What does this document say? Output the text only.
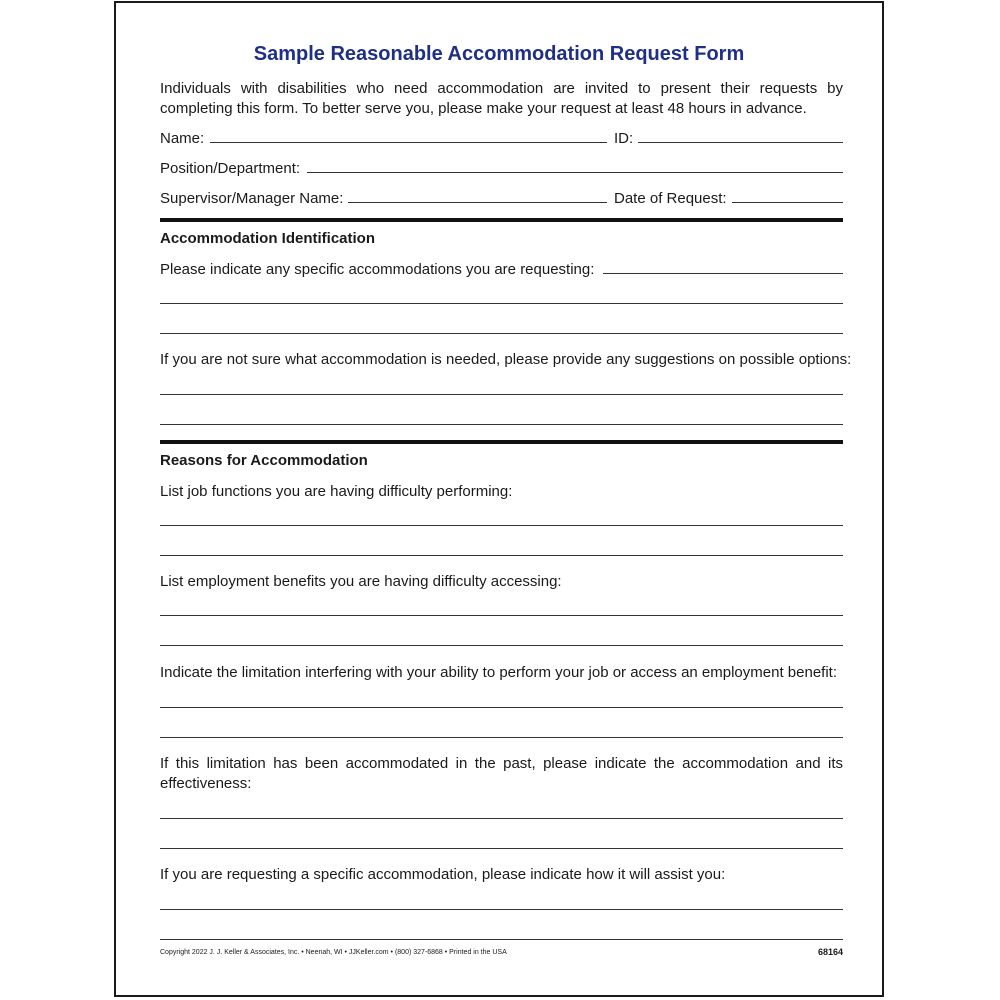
Sample Reasonable Accommodation Request Form
Individuals with disabilities who need accommodation are invited to present their requests by completing this form. To better serve you, please make your request at least 48 hours in advance.
Name:	ID:
Position/Department:
Supervisor/Manager Name:	Date of Request:
Accommodation Identification
Please indicate any specific accommodations you are requesting:
If you are not sure what accommodation is needed, please provide any suggestions on possible options:
Reasons for Accommodation
List job functions you are having difficulty performing:
List employment benefits you are having difficulty accessing:
Indicate the limitation interfering with your ability to perform your job or access an employment benefit:
If this limitation has been accommodated in the past, please indicate the accommodation and its effectiveness:
If you are requesting a specific accommodation, please indicate how it will assist you:
Copyright 2022 J. J. Keller & Associates, Inc. • Neenah, WI • JJKeller.com • (800) 327-6868 • Printed in the USA	68164
